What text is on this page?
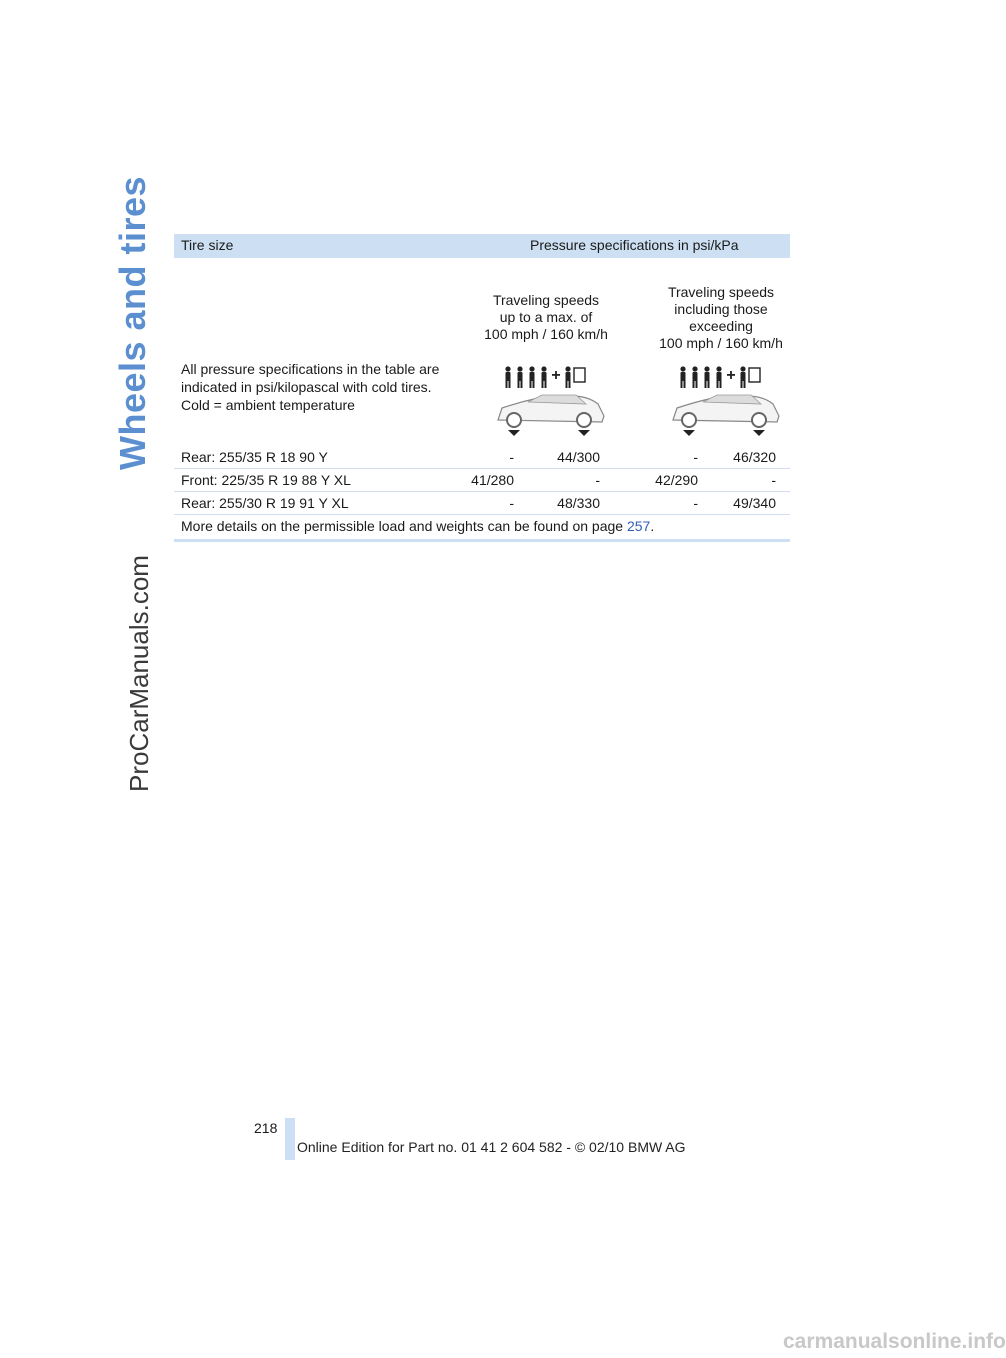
Wheels and tires
ProCarManuals.com
Tire size	Pressure specifications in psi/kPa
Traveling speeds
up to a max. of
100 mph / 160 km/h
Traveling speeds
including those
exceeding
100 mph / 160 km/h
All pressure specifications in the table are
indicated in psi/kilopascal with cold tires.
Cold = ambient temperature
Rear: 255/35 R 18 90 Y	-	44/300	-	46/320
Front: 225/35 R 19 88 Y XL	41/280	-	42/290	-
Rear: 255/30 R 19 91 Y XL	-	48/330	-	49/340
More details on the permissible load and weights can be found on page 257.
218
Online Edition for Part no. 01 41 2 604 582 - © 02/10 BMW AG
carmanualsonline.info
